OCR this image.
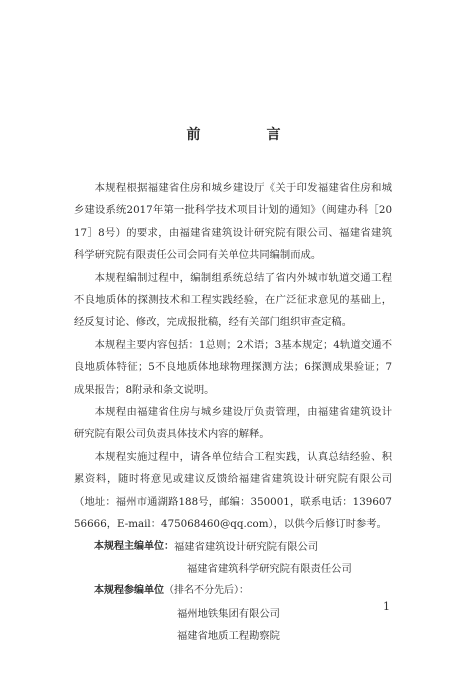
前　言

本规程根据福建省住房和城乡建设厅《关于印发福建省住房和城乡建设系统2017年第一批科学技术项目计划的通知》（闽建办科［2017］8号）的要求，由福建省建筑设计研究院有限公司、福建省建筑科学研究院有限责任公司会同有关单位共同编制而成。

本规程编制过程中，编制组系统总结了省内外城市轨道交通工程不良地质体的探测技术和工程实践经验，在广泛征求意见的基础上，经反复讨论、修改，完成报批稿，经有关部门组织审查定稿。

本规程主要内容包括：1总则；2术语；3基本规定；4轨道交通不良地质体特征；5不良地质体地球物理探测方法；6探测成果验证；7成果报告；8附录和条文说明。

本规程由福建省住房与城乡建设厅负责管理，由福建省建筑设计研究院有限公司负责具体技术内容的解释。

本规程实施过程中，请各单位结合工程实践，认真总结经验、积累资料，随时将意见或建议反馈给福建省建筑设计研究院有限公司（地址：福州市通湖路188号，邮编：350001，联系电话：13960756666，E-mail：475068460@qq.com），以供今后修订时参考。

本规程主编单位： 福建省建筑设计研究院有限公司
福建省建筑科学研究院有限责任公司
本规程参编单位（排名不分先后）：
福州地铁集团有限公司
福建省地质工程勘察院
1
